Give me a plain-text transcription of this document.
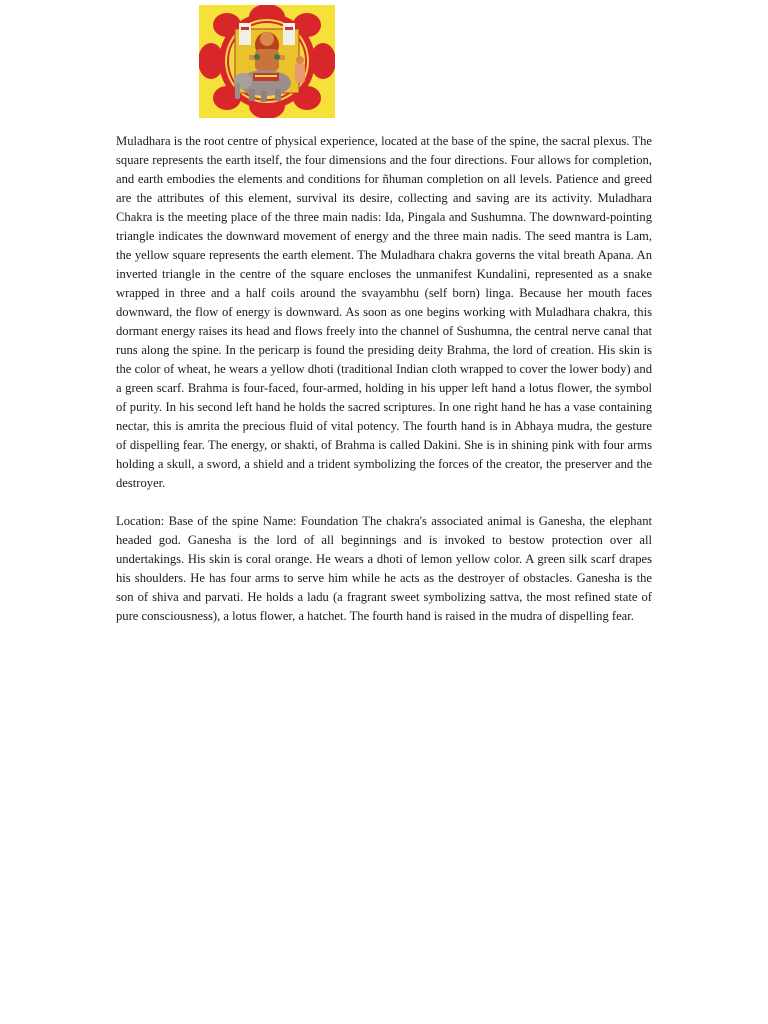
Muladhara is the root centre of physical experience, located at the base of the spine, the sacral plexus. The square represents the earth itself, the four dimensions and the four directions. Four allows for completion, and earth embodies the elements and conditions for ñhuman completion on all levels. Patience and greed are the attributes of this element, survival its desire, collecting and saving are its activity. Muladhara Chakra is the meeting place of the three main nadis: Ida, Pingala and Sushumna. The downward-pointing triangle indicates the downward movement of energy and the three main nadis. The seed mantra is Lam, the yellow square represents the earth element. The Muladhara chakra governs the vital breath Apana. An inverted triangle in the centre of the square encloses the unmanifest Kundalini, represented as a snake wrapped in three and a half coils around the svayambhu (self born) linga. Because her mouth faces downward, the flow of energy is downward. As soon as one begins working with Muladhara chakra, this dormant energy raises its head and flows freely into the channel of Sushumna, the central nerve canal that runs along the spine. In the pericarp is found the presiding deity Brahma, the lord of creation. His skin is the color of wheat, he wears a yellow dhoti (traditional Indian cloth wrapped to cover the lower body) and a green scarf. Brahma is four-faced, four-armed, holding in his upper left hand a lotus flower, the symbol of purity. In his second left hand he holds the sacred scriptures. In one right hand he has a vase containing nectar, this is amrita the precious fluid of vital potency. The fourth hand is in Abhaya mudra, the gesture of dispelling fear. The energy, or shakti, of Brahma is called Dakini. She is in shining pink with four arms holding a skull, a sword, a shield and a trident symbolizing the forces of the creator, the preserver and the destroyer.

Location: Base of the spine Name: Foundation The chakra's associated animal is Ganesha, the elephant headed god. Ganesha is the lord of all beginnings and is invoked to bestow protection over all undertakings. His skin is coral orange. He wears a dhoti of lemon yellow color. A green silk scarf drapes his shoulders. He has four arms to serve him while he acts as the destroyer of obstacles. Ganesha is the son of shiva and parvati. He holds a ladu (a fragrant sweet symbolizing sattva, the most refined state of pure consciousness), a lotus flower, a hatchet. The fourth hand is raised in the mudra of dispelling fear.
